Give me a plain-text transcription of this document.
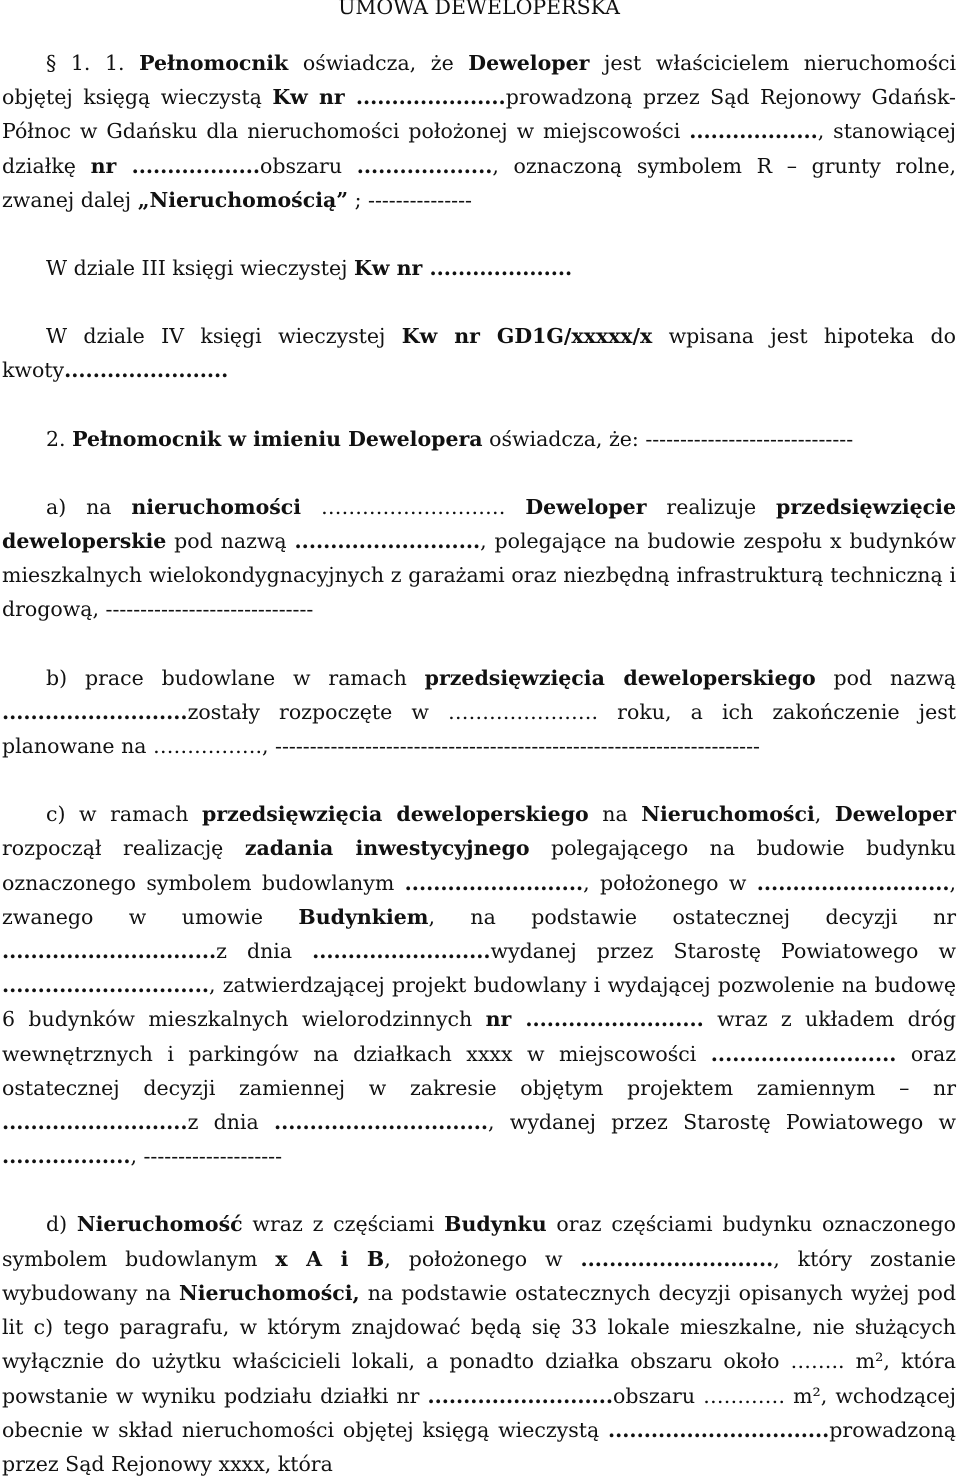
UMOWA DEWELOPERSKA

§ 1. 1. Pełnomocnik oświadcza, że Deweloper jest właścicielem nieruchomości objętej księgą wieczystą Kw nr .....................prowadzoną przez Sąd Rejonowy Gdańsk-Północ w Gdańsku dla nieruchomości położonej w miejscowości .................., stanowiącej działkę nr ..................obszaru ..................., oznaczoną symbolem R – grunty rolne, zwanej dalej „Nieruchomością” ; ---------------

W dziale III księgi wieczystej Kw nr ....................

W dziale IV księgi wieczystej Kw nr GD1G/xxxxx/x wpisana jest hipoteka do kwoty.......................

2. Pełnomocnik w imieniu Dewelopera oświadcza, że: ------------------------------

a) na nieruchomości ……………………… Deweloper realizuje przedsięwzięcie deweloperskie pod nazwą .........................., polegające na budowie zespołu x budynków mieszkalnych wielokondygnacyjnych z garażami oraz niezbędną infrastrukturą techniczną i drogową, ------------------------------

b) prace budowlane w ramach przedsięwzięcia deweloperskiego pod nazwą ..........................zostały rozpoczęte w …………………. roku, a ich zakończenie jest planowane na ……………., ----------------------------------------------------------------------

c) w ramach przedsięwzięcia deweloperskiego na Nieruchomości, Deweloper rozpoczął realizację zadania inwestycyjnego polegającego na budowie budynku oznaczonego symbolem budowlanym ........................., położonego w ..........................., zwanego w umowie Budynkiem, na podstawie ostatecznej decyzji nr ..............................z dnia .........................wydanej przez Starostę Powiatowego w ............................., zatwierdzającej projekt budowlany i wydającej pozwolenie na budowę 6 budynków mieszkalnych wielorodzinnych nr ......................... wraz z układem dróg wewnętrznych i parkingów na działkach xxxx w miejscowości .......................... oraz ostatecznej decyzji zamiennej w zakresie objętym projektem zamiennym – nr ..........................z dnia .............................., wydanej przez Starostę Powiatowego w .................., --------------------

d) Nieruchomość wraz z częściami Budynku oraz częściami budynku oznaczonego symbolem budowlanym x A i B, położonego w ..........................., który zostanie wybudowany na Nieruchomości, na podstawie ostatecznych decyzji opisanych wyżej pod lit c) tego paragrafu, w którym znajdować będą się 33 lokale mieszkalne, nie służących wyłącznie do użytku właścicieli lokali, a ponadto działka obszaru około …….. m², która powstanie w wyniku podziału działki nr ..........................obszaru ………… m², wchodzącej obecnie w skład nieruchomości objętej księgą wieczystą ...............................prowadzoną przez Sąd Rejonowy xxxx, która
